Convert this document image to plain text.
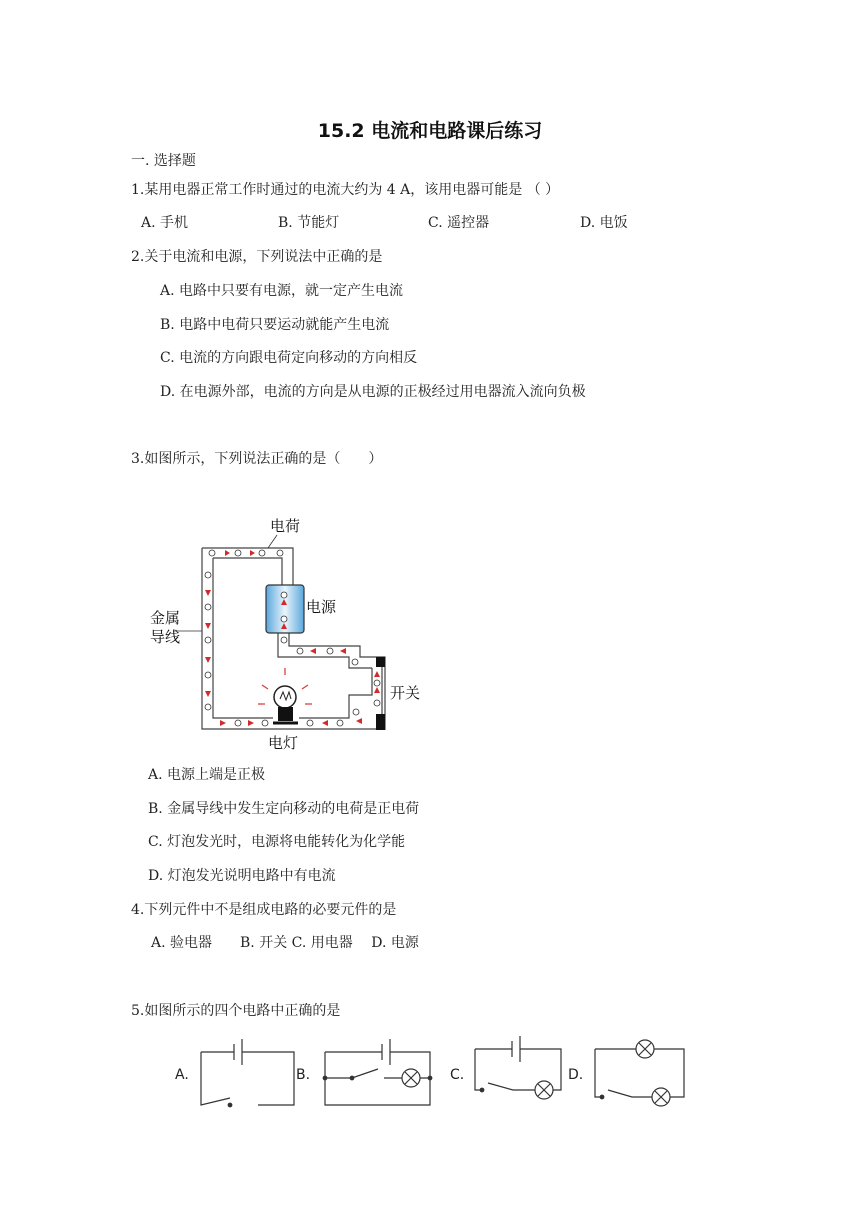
15.2 电流和电路课后练习
一. 选择题
1.某用电器正常工作时通过的电流大约为 4 A，该用电器可能是 （ ）
A. 手机	B. 节能灯	C. 遥控器	D. 电饭
2.关于电流和电源，下列说法中正确的是
A. 电路中只要有电源，就一定产生电流
B. 电路中电荷只要运动就能产生电流
C. 电流的方向跟电荷定向移动的方向相反
D. 在电源外部，电流的方向是从电源的正极经过用电器流入流向负极
3.如图所示，下列说法正确的是（　　）
电荷
电源
金属
导线
开关
电灯
A. 电源上端是正极
B. 金属导线中发生定向移动的电荷是正电荷
C. 灯泡发光时，电源将电能转化为化学能
D. 灯泡发光说明电路中有电流
4.下列元件中不是组成电路的必要元件的是
A. 验电器　　B. 开关 C. 用电器　 D. 电源
5.如图所示的四个电路中正确的是
A.	B.	C.	D.
